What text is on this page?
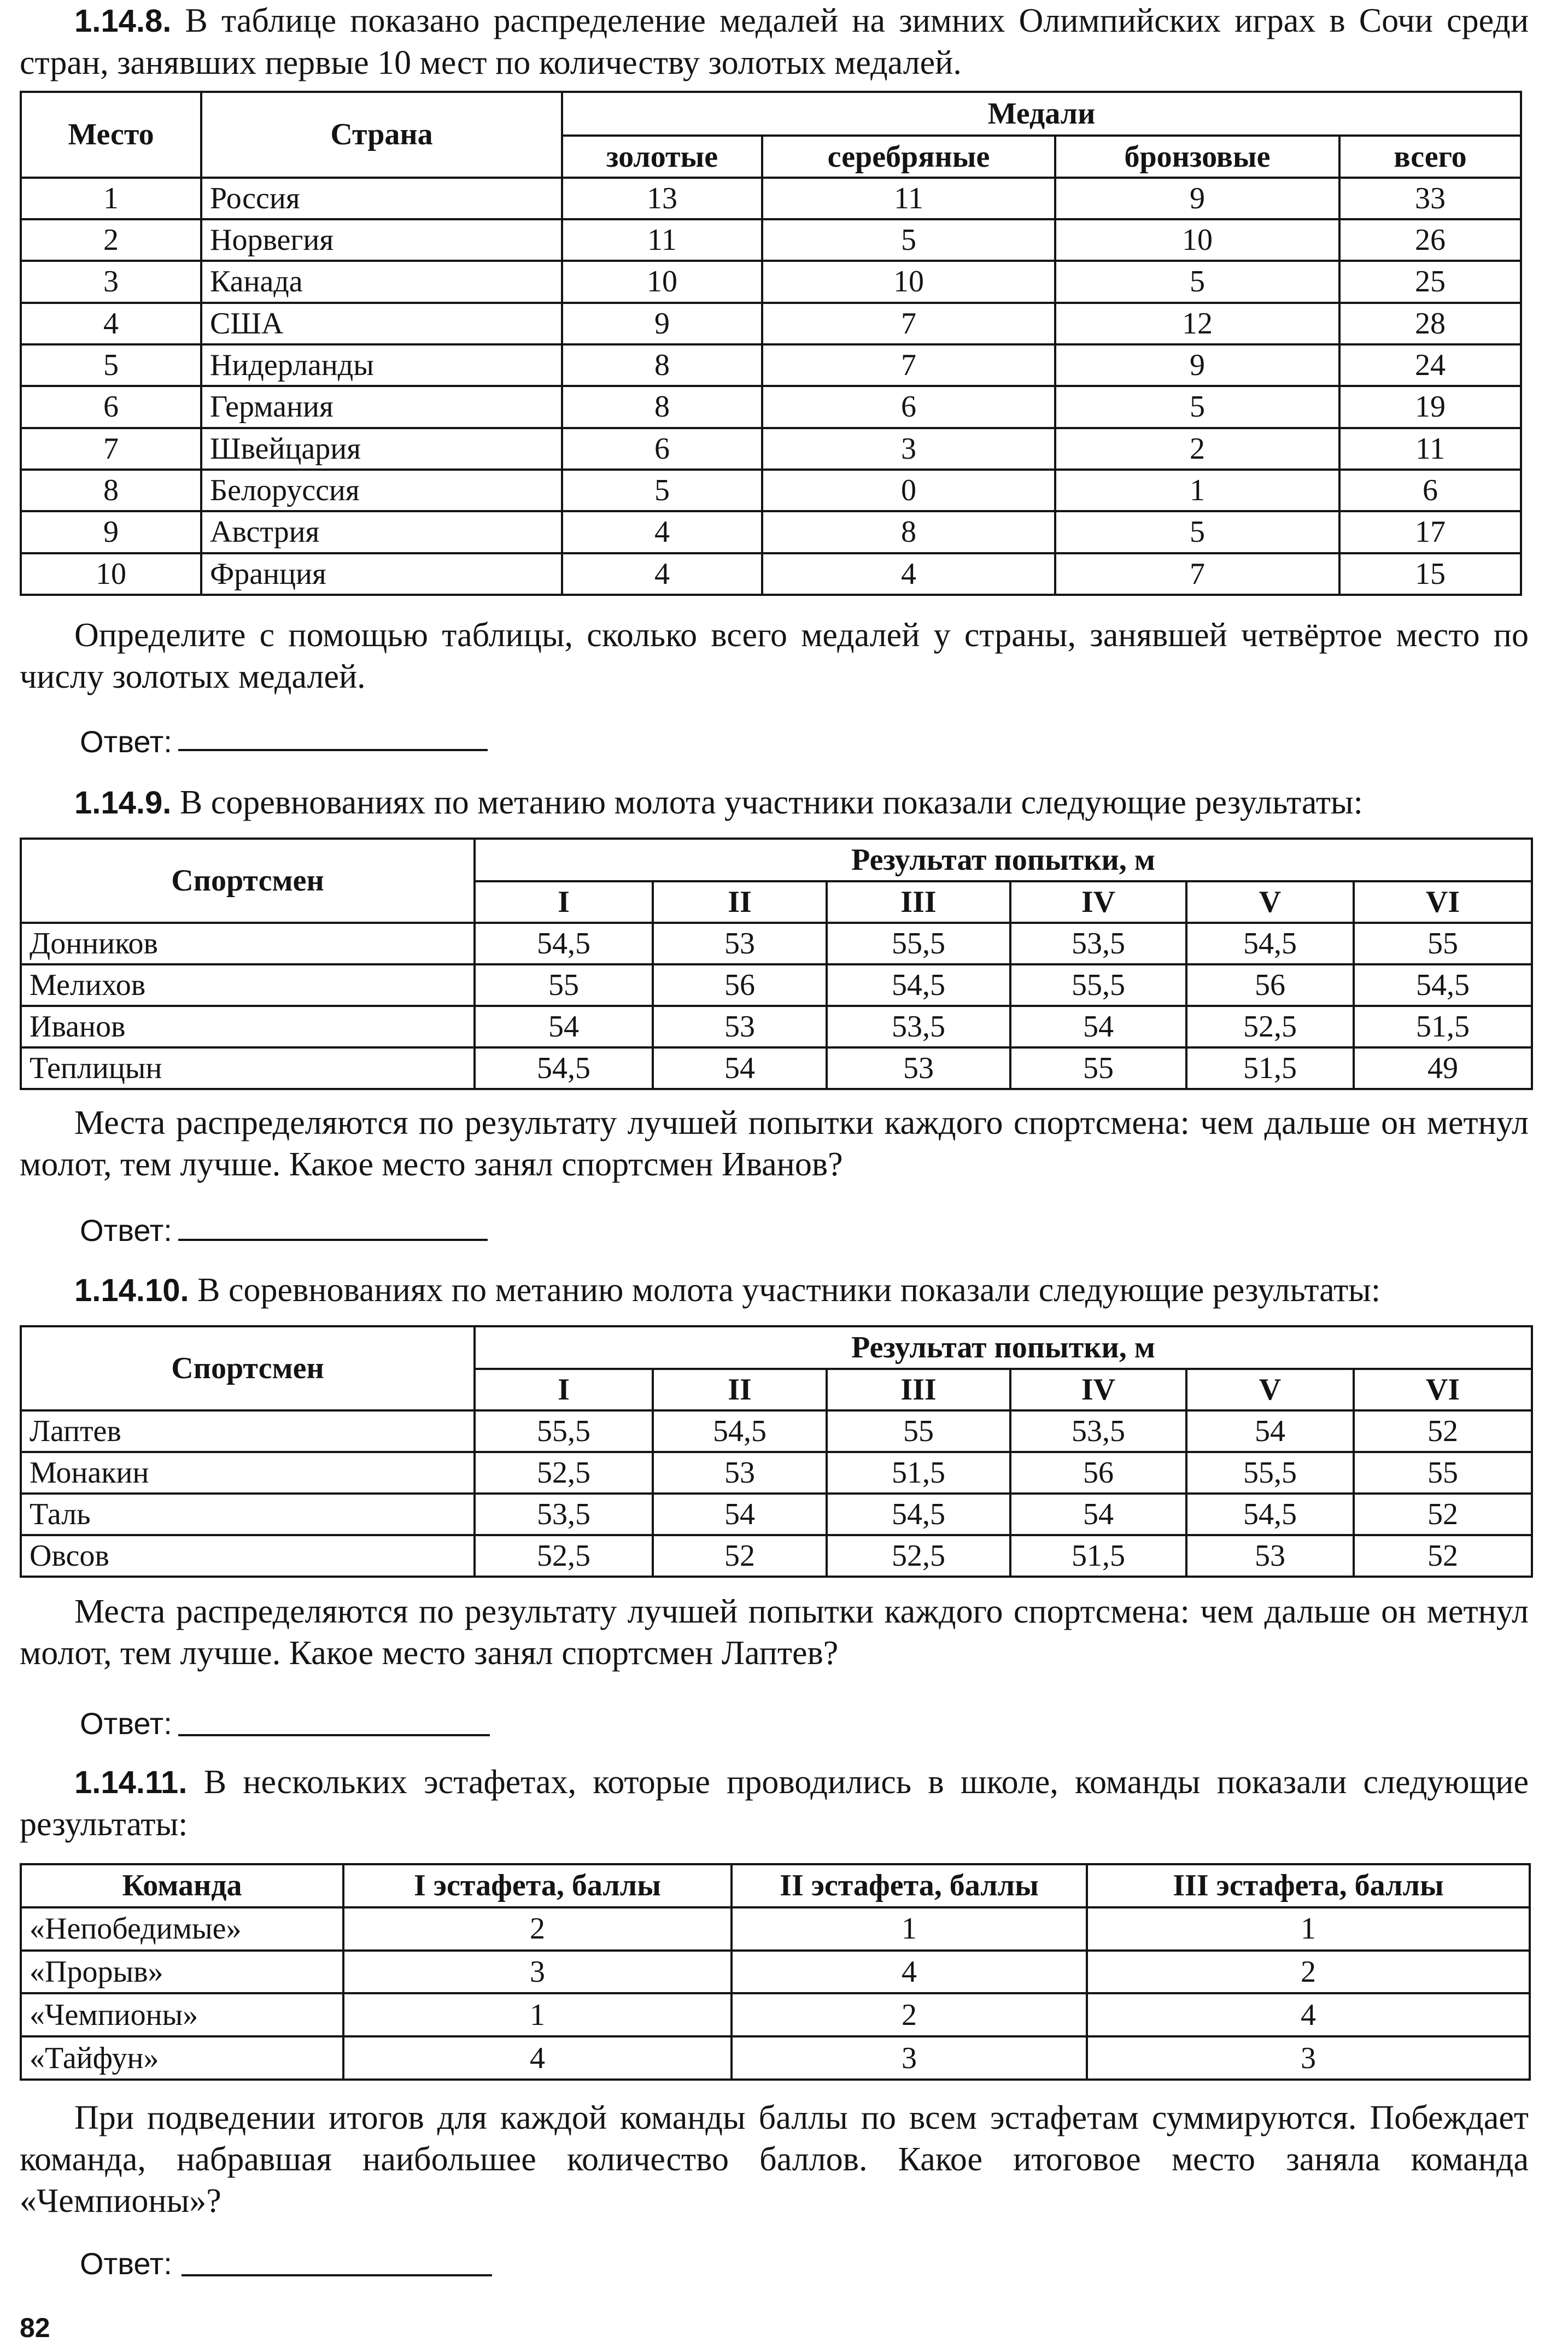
1.14.8. В таблице показано распределение медалей на зимних Олимпийских играх в Сочи среди стран, занявших первые 10 мест по количеству золотых медалей.

Место	Страна	Медали			
		золотые	серебряные	бронзовые	всего
1	Россия	13	11	9	33
2	Норвегия	11	5	10	26
3	Канада	10	10	5	25
4	США	9	7	12	28
5	Нидерланды	8	7	9	24
6	Германия	8	6	5	19
7	Швейцария	6	3	2	11
8	Белоруссия	5	0	1	6
9	Австрия	4	8	5	17
10	Франция	4	4	7	15

Определите с помощью таблицы, сколько всего медалей у страны, занявшей четвёртое место по числу золотых медалей.

Ответ:

1.14.9. В соревнованиях по метанию молота участники показали следующие результаты:

Спортсмен	Результат попытки, м					
	I	II	III	IV	V	VI
Донников	54,5	53	55,5	53,5	54,5	55
Мелихов	55	56	54,5	55,5	56	54,5
Иванов	54	53	53,5	54	52,5	51,5
Теплицын	54,5	54	53	55	51,5	49

Места распределяются по результату лучшей попытки каждого спортсмена: чем дальше он метнул молот, тем лучше. Какое место занял спортсмен Иванов?

Ответ:

1.14.10. В соревнованиях по метанию молота участники показали следующие результаты:

Спортсмен	Результат попытки, м					
	I	II	III	IV	V	VI
Лаптев	55,5	54,5	55	53,5	54	52
Монакин	52,5	53	51,5	56	55,5	55
Таль	53,5	54	54,5	54	54,5	52
Овсов	52,5	52	52,5	51,5	53	52

Места распределяются по результату лучшей попытки каждого спортсмена: чем дальше он метнул молот, тем лучше. Какое место занял спортсмен Лаптев?

Ответ:

1.14.11. В нескольких эстафетах, которые проводились в школе, команды показали следующие результаты:

Команда	I эстафета, баллы	II эстафета, баллы	III эстафета, баллы
«Непобедимые»	2	1	1
«Прорыв»	3	4	2
«Чемпионы»	1	2	4
«Тайфун»	4	3	3

При подведении итогов для каждой команды баллы по всем эстафетам суммируются. Побеждает команда, набравшая наибольшее количество баллов. Какое итоговое место заняла команда «Чемпионы»?

Ответ:
82
